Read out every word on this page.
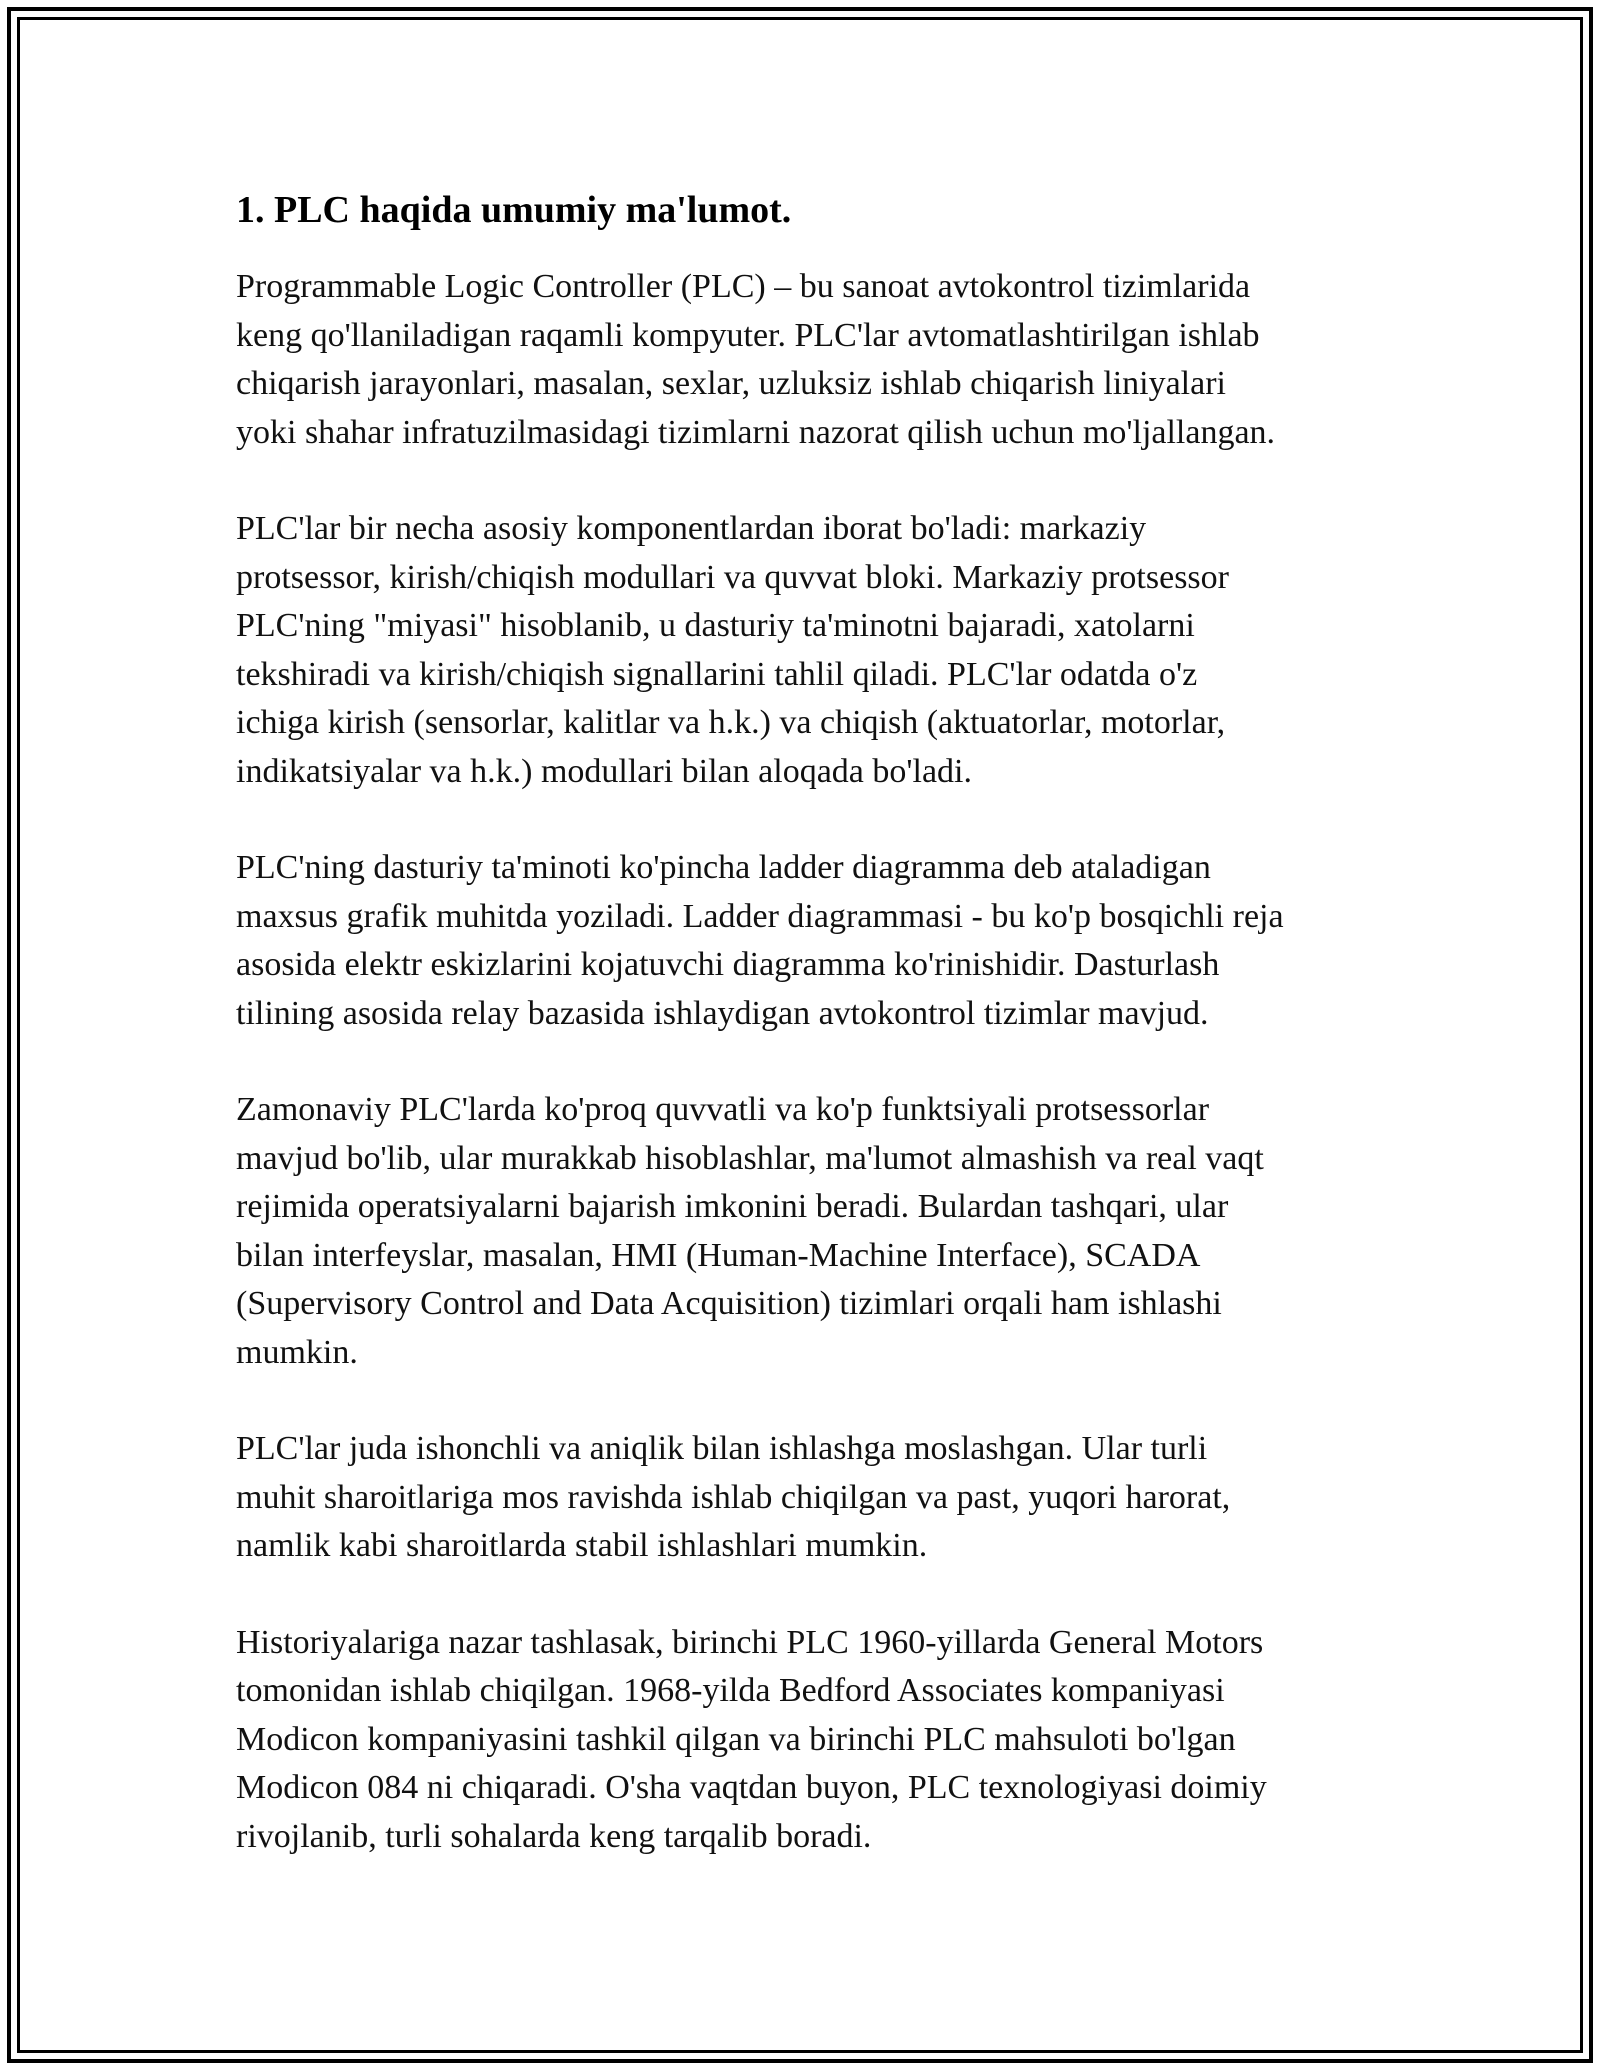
1. PLC haqida umumiy ma'lumot.

Programmable Logic Controller (PLC) – bu sanoat avtokontrol tizimlarida
keng qo'llaniladigan raqamli kompyuter. PLC'lar avtomatlashtirilgan ishlab
chiqarish jarayonlari, masalan, sexlar, uzluksiz ishlab chiqarish liniyalari
yoki shahar infratuzilmasidagi tizimlarni nazorat qilish uchun mo'ljallangan.

PLC'lar bir necha asosiy komponentlardan iborat bo'ladi: markaziy
protsessor, kirish/chiqish modullari va quvvat bloki. Markaziy protsessor
PLC'ning "miyasi" hisoblanib, u dasturiy ta'minotni bajaradi, xatolarni
tekshiradi va kirish/chiqish signallarini tahlil qiladi. PLC'lar odatda o'z
ichiga kirish (sensorlar, kalitlar va h.k.) va chiqish (aktuatorlar, motorlar,
indikatsiyalar va h.k.) modullari bilan aloqada bo'ladi.

PLC'ning dasturiy ta'minoti ko'pincha ladder diagramma deb ataladigan
maxsus grafik muhitda yoziladi. Ladder diagrammasi - bu ko'p bosqichli reja
asosida elektr eskizlarini kojatuvchi diagramma ko'rinishidir. Dasturlash
tilining asosida relay bazasida ishlaydigan avtokontrol tizimlar mavjud.

Zamonaviy PLC'larda ko'proq quvvatli va ko'p funktsiyali protsessorlar
mavjud bo'lib, ular murakkab hisoblashlar, ma'lumot almashish va real vaqt
rejimida operatsiyalarni bajarish imkonini beradi. Bulardan tashqari, ular
bilan interfeyslar, masalan, HMI (Human-Machine Interface), SCADA
(Supervisory Control and Data Acquisition) tizimlari orqali ham ishlashi
mumkin.

PLC'lar juda ishonchli va aniqlik bilan ishlashga moslashgan. Ular turli
muhit sharoitlariga mos ravishda ishlab chiqilgan va past, yuqori harorat,
namlik kabi sharoitlarda stabil ishlashlari mumkin.

Historiyalariga nazar tashlasak, birinchi PLC 1960-yillarda General Motors
tomonidan ishlab chiqilgan. 1968-yilda Bedford Associates kompaniyasi
Modicon kompaniyasini tashkil qilgan va birinchi PLC mahsuloti bo'lgan
Modicon 084 ni chiqaradi. O'sha vaqtdan buyon, PLC texnologiyasi doimiy
rivojlanib, turli sohalarda keng tarqalib boradi.
